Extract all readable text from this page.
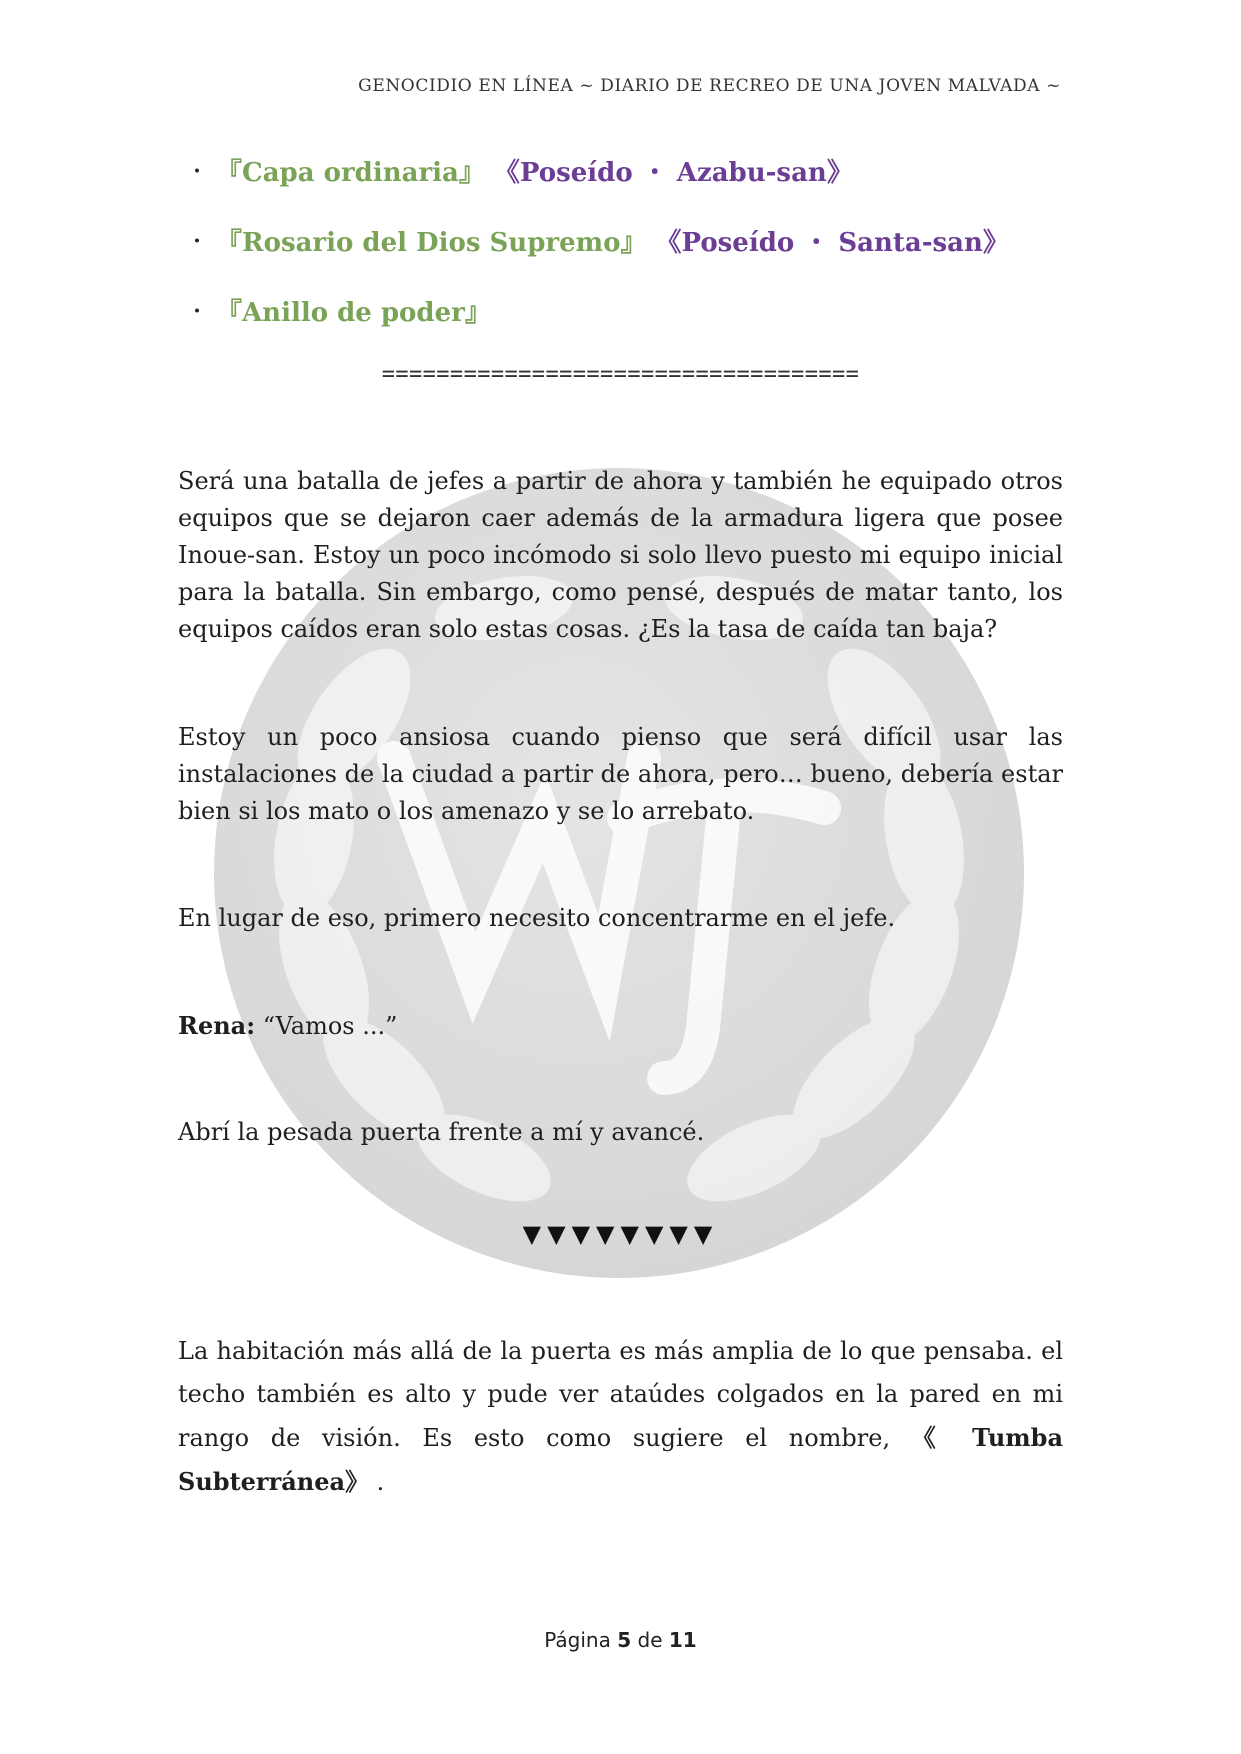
GENOCIDIO EN LÍNEA ~ DIARIO DE RECREO DE UNA JOVEN MALVADA ~
・ 『Capa ordinaria』 《Poseído ・ Azabu-san》
・ 『Rosario del Dios Supremo』 《Poseído ・ Santa-san》
・ 『Anillo de poder』
===================================
Será una batalla de jefes a partir de ahora y también he equipado otros equipos que se dejaron caer además de la armadura ligera que posee Inoue-san. Estoy un poco incómodo si solo llevo puesto mi equipo inicial para la batalla. Sin embargo, como pensé, después de matar tanto, los equipos caídos eran solo estas cosas. ¿Es la tasa de caída tan baja?
Estoy un poco ansiosa cuando pienso que será difícil usar las instalaciones de la ciudad a partir de ahora, pero… bueno, debería estar bien si los mato o los amenazo y se lo arrebato.
En lugar de eso, primero necesito concentrarme en el jefe.
Rena: “Vamos ...”
Abrí la pesada puerta frente a mí y avancé.
▼▼▼▼▼▼▼▼
La habitación más allá de la puerta es más amplia de lo que pensaba. el techo también es alto y pude ver ataúdes colgados en la pared en mi rango de visión. Es esto como sugiere el nombre, 《 Tumba Subterránea》 .
Página 5 de 11
